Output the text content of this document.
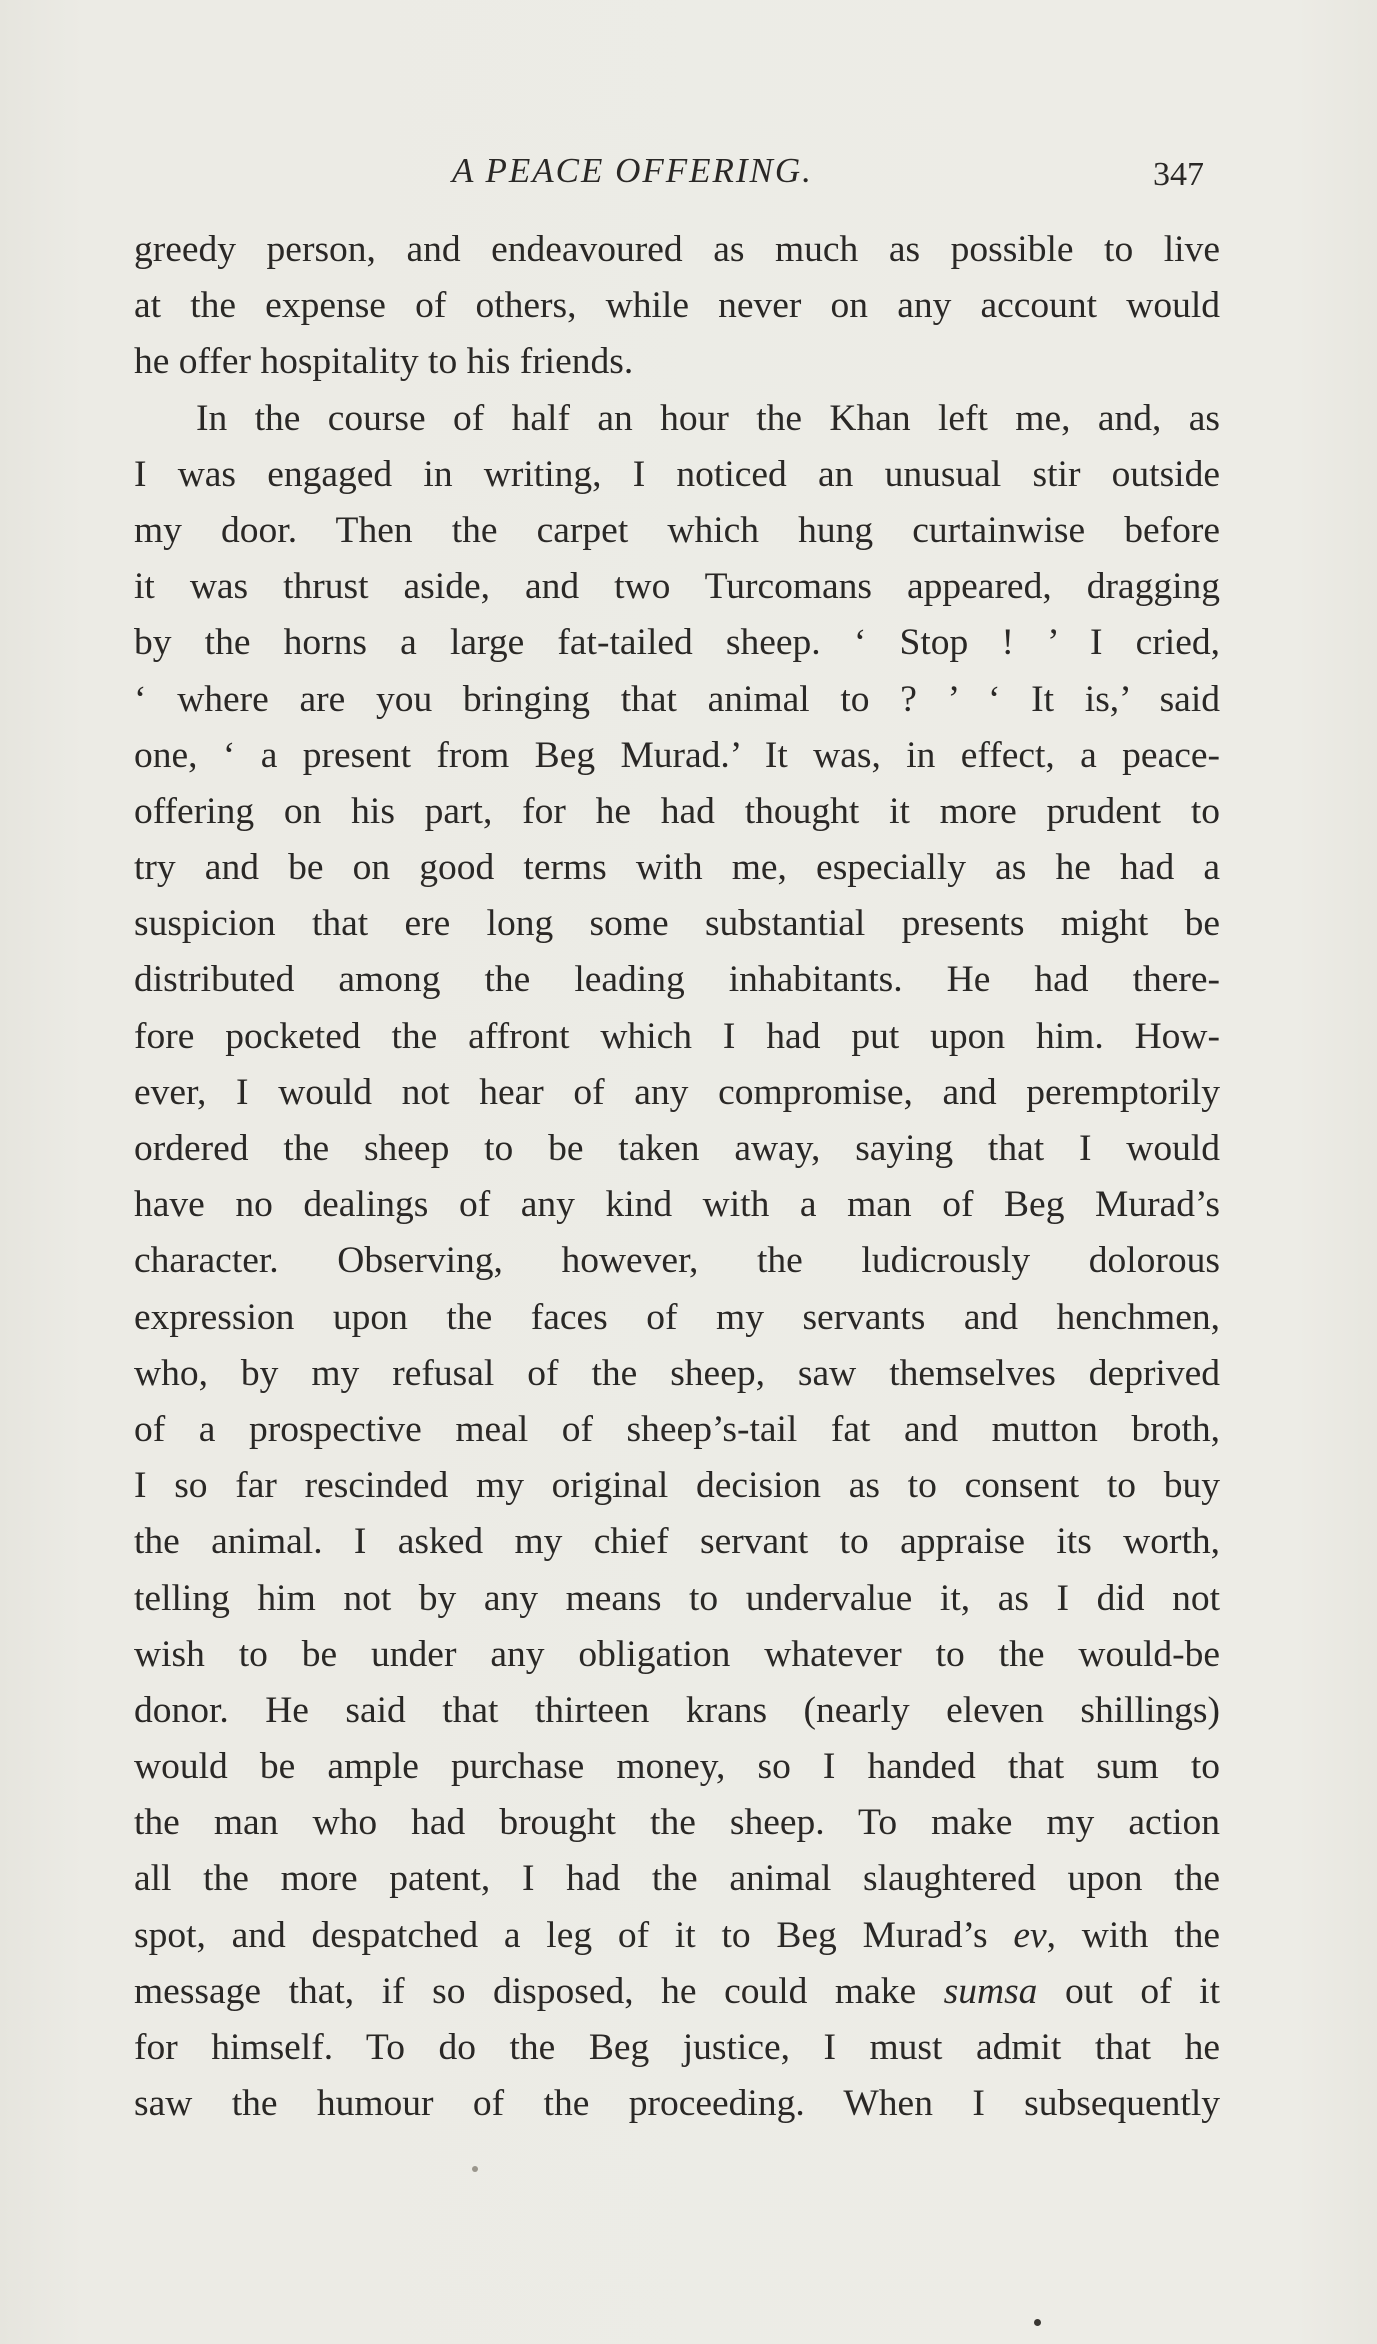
A PEACE OFFERING.	347
greedy person, and endeavoured as much as possible to live
at the expense of others, while never on any account would
he offer hospitality to his friends.
In the course of half an hour the Khan left me, and, as
I was engaged in writing, I noticed an unusual stir outside
my door. Then the carpet which hung curtainwise before
it was thrust aside, and two Turcomans appeared, dragging
by the horns a large fat-tailed sheep. ‘ Stop ! ’ I cried,
‘ where are you bringing that animal to ? ’ ‘ It is,’ said
one, ‘ a present from Beg Murad.’ It was, in effect, a peace-
offering on his part, for he had thought it more prudent to
try and be on good terms with me, especially as he had a
suspicion that ere long some substantial presents might be
distributed among the leading inhabitants. He had there-
fore pocketed the affront which I had put upon him. How-
ever, I would not hear of any compromise, and peremptorily
ordered the sheep to be taken away, saying that I would
have no dealings of any kind with a man of Beg Murad’s
character. Observing, however, the ludicrously dolorous
expression upon the faces of my servants and henchmen,
who, by my refusal of the sheep, saw themselves deprived
of a prospective meal of sheep’s-tail fat and mutton broth,
I so far rescinded my original decision as to consent to buy
the animal. I asked my chief servant to appraise its worth,
telling him not by any means to undervalue it, as I did not
wish to be under any obligation whatever to the would-be
donor. He said that thirteen krans (nearly eleven shillings)
would be ample purchase money, so I handed that sum to
the man who had brought the sheep. To make my action
all the more patent, I had the animal slaughtered upon the
spot, and despatched a leg of it to Beg Murad’s ev, with the
message that, if so disposed, he could make sumsa out of it
for himself. To do the Beg justice, I must admit that he
saw the humour of the proceeding. When I subsequently
